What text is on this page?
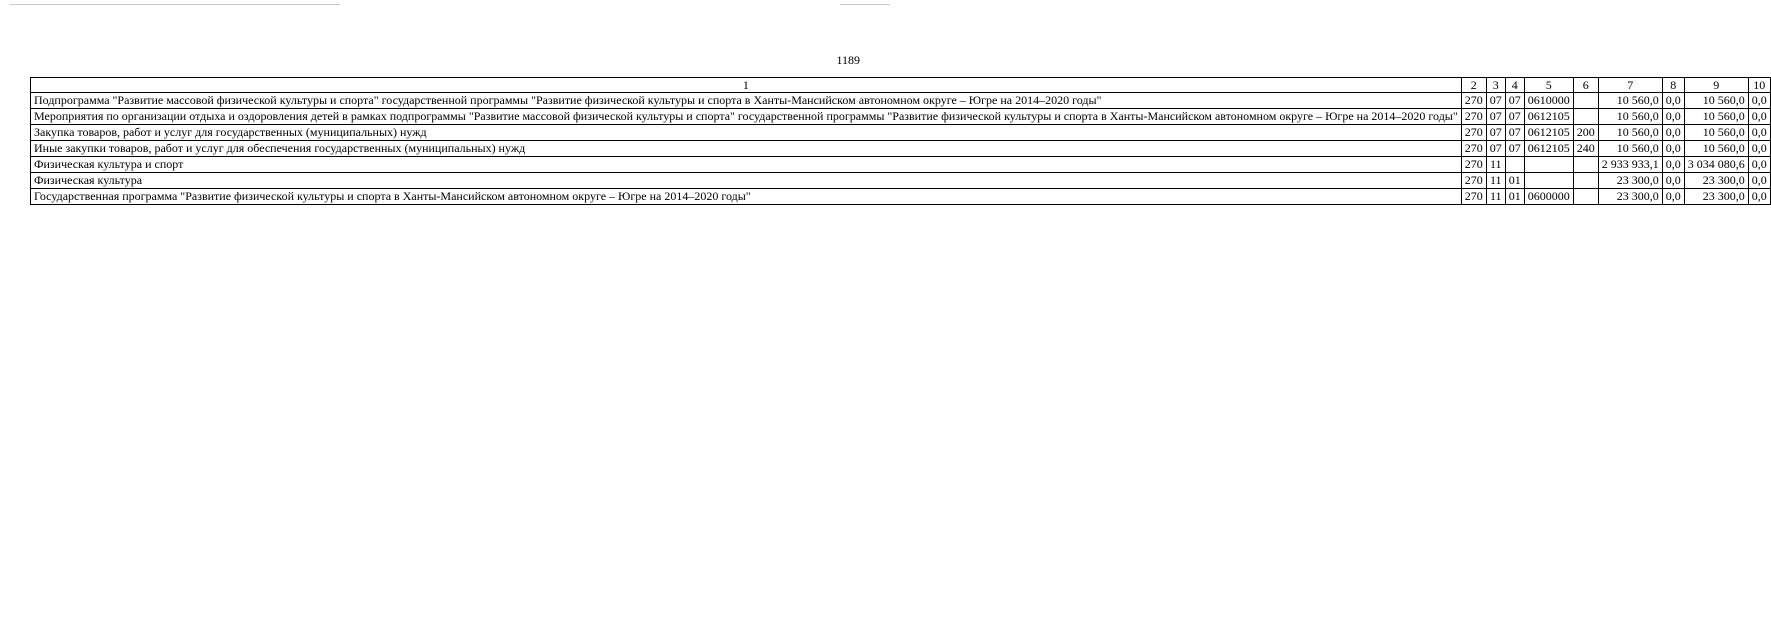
1189
1	2	3	4	5	6	7	8	9	10
Подпрограмма "Развитие массовой физической культуры и спорта" государственной программы "Развитие физической культуры и спорта в Ханты-Мансийском автономном округе – Югре на 2014–2020 годы"	270	07	07	0610000		10 560,0	0,0	10 560,0	0,0
Мероприятия по организации отдыха и оздоровления детей в рамках подпрограммы "Развитие массовой физической культуры и спорта" государственной программы "Развитие физической культуры и спорта в Ханты-Мансийском автономном округе – Югре на 2014–2020 годы"	270	07	07	0612105		10 560,0	0,0	10 560,0	0,0
Закупка товаров, работ и услуг для государственных (муниципальных) нужд	270	07	07	0612105	200	10 560,0	0,0	10 560,0	0,0
Иные закупки товаров, работ и услуг для обеспечения государственных (муниципальных) нужд	270	07	07	0612105	240	10 560,0	0,0	10 560,0	0,0
Физическая культура и спорт	270	11				2 933 933,1	0,0	3 034 080,6	0,0
Физическая культура	270	11	01			23 300,0	0,0	23 300,0	0,0
Государственная программа "Развитие физической культуры и спорта в Ханты-Мансийском автономном округе – Югре на 2014–2020 годы"	270	11	01	0600000		23 300,0	0,0	23 300,0	0,0
